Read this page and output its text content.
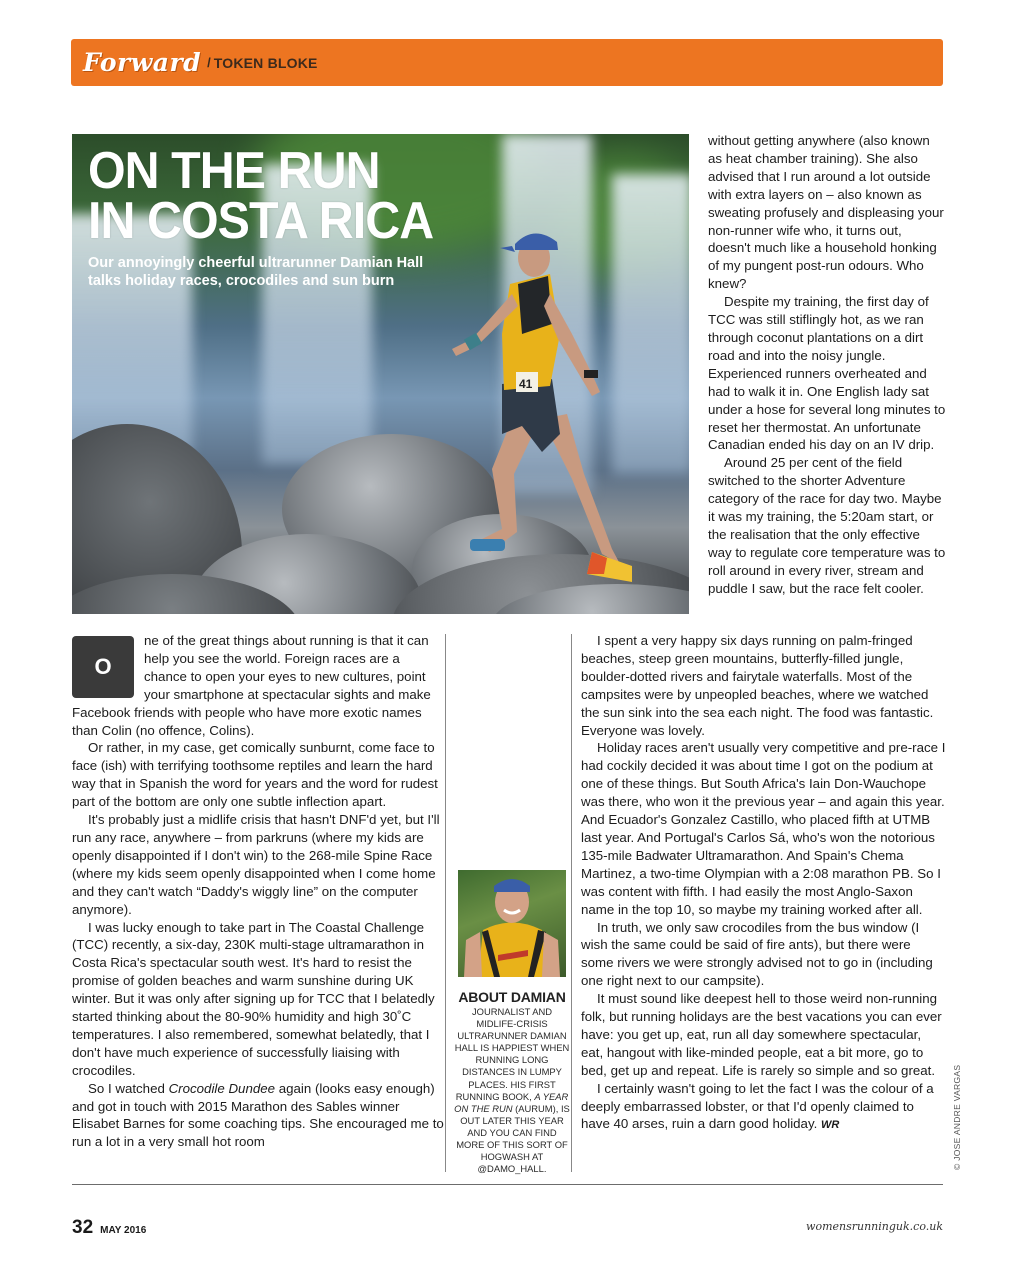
Forward / TOKEN BLOKE
41
ON THE RUN
IN COSTA RICA
Our annoyingly cheerful ultrarunner Damian Hall
talks holiday races, crocodiles and sun burn

without getting anywhere (also known as heat chamber training). She also advised that I run around a lot outside with extra layers on – also known as sweating profusely and displeasing your non-runner wife who, it turns out, doesn't much like a household honking of my pungent post-run odours. Who knew?

Despite my training, the first day of TCC was still stiflingly hot, as we ran through coconut plantations on a dirt road and into the noisy jungle. Experienced runners overheated and had to walk it in. One English lady sat under a hose for several long minutes to reset her thermostat. An unfortunate Canadian ended his day on an IV drip.

Around 25 per cent of the field switched to the shorter Adventure category of the race for day two. Maybe it was my training, the 5:20am start, or the realisation that the only effective way to regulate core temperature was to roll around in every river, stream and puddle I saw, but the race felt cooler.

O

ne of the great things about running is that it can help you see the world. Foreign races are a chance to open your eyes to new cultures, point your smartphone at spectacular sights and make Facebook friends with people who have more exotic names than Colin (no offence, Colins).

Or rather, in my case, get comically sunburnt, come face to face (ish) with terrifying toothsome reptiles and learn the hard way that in Spanish the word for years and the word for rudest part of the bottom are only one subtle inflection apart.

It's probably just a midlife crisis that hasn't DNF'd yet, but I'll run any race, anywhere – from parkruns (where my kids are openly disappointed if I don't win) to the 268-mile Spine Race (where my kids seem openly disappointed when I come home and they can't watch “Daddy's wiggly line” on the computer anymore).

I was lucky enough to take part in The Coastal Challenge (TCC) recently, a six-day, 230K multi-stage ultramarathon in Costa Rica's spectacular south west. It's hard to resist the promise of golden beaches and warm sunshine during UK winter. But it was only after signing up for TCC that I belatedly started thinking about the 80-90% humidity and high 30˚C temperatures. I also remembered, somewhat belatedly, that I don't have much experience of successfully liaising with crocodiles.

So I watched Crocodile Dundee again (looks easy enough) and got in touch with 2015 Marathon des Sables winner Elisabet Barnes for some coaching tips. She encouraged me to run a lot in a very small hot room

ABOUT DAMIAN
JOURNALIST AND MIDLIFE-CRISIS ULTRARUNNER DAMIAN HALL IS HAPPIEST WHEN RUNNING LONG DISTANCES IN LUMPY PLACES. HIS FIRST RUNNING BOOK, A YEAR ON THE RUN (AURUM), IS OUT LATER THIS YEAR AND YOU CAN FIND MORE OF THIS SORT OF HOGWASH AT @DAMO_HALL.

I spent a very happy six days running on palm-fringed beaches, steep green mountains, butterfly-filled jungle, boulder-dotted rivers and fairytale waterfalls. Most of the campsites were by unpeopled beaches, where we watched the sun sink into the sea each night. The food was fantastic. Everyone was lovely.

Holiday races aren't usually very competitive and pre-race I had cockily decided it was about time I got on the podium at one of these things. But South Africa's Iain Don-Wauchope was there, who won it the previous year – and again this year. And Ecuador's Gonzalez Castillo, who placed fifth at UTMB last year. And Portugal's Carlos Sá, who's won the notorious 135-mile Badwater Ultramarathon. And Spain's Chema Martinez, a two-time Olympian with a 2:08 marathon PB. So I was content with fifth. I had easily the most Anglo-Saxon name in the top 10, so maybe my training worked after all.

In truth, we only saw crocodiles from the bus window (I wish the same could be said of fire ants), but there were some rivers we were strongly advised not to go in (including one right next to our campsite).

It must sound like deepest hell to those weird non-running folk, but running holidays are the best vacations you can ever have: you get up, eat, run all day somewhere spectacular, eat, hangout with like-minded people, eat a bit more, go to bed, get up and repeat. Life is rarely so simple and so great.

I certainly wasn't going to let the fact I was the colour of a deeply embarrassed lobster, or that I'd openly claimed to have 40 arses, ruin a darn good holiday. WR	© JOSE ANDRE VARGAS
32 MAY 2016	womensrunninguk.co.uk
